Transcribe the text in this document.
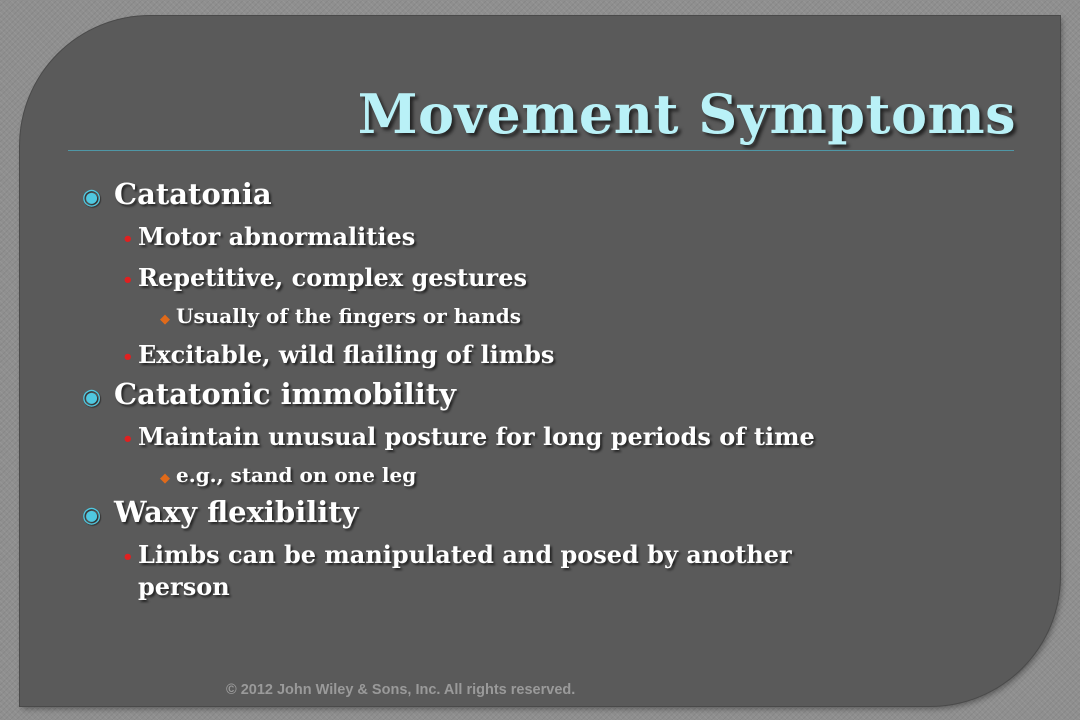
Movement Symptoms
◉ Catatonia
• Motor abnormalities
• Repetitive, complex gestures
◆ Usually of the fingers or hands
• Excitable, wild flailing of limbs
◉ Catatonic immobility
• Maintain unusual posture for long periods of time
◆ e.g., stand on one leg
◉ Waxy flexibility
• Limbs can be manipulated and posed by another person
© 2012 John Wiley & Sons, Inc. All rights reserved.
